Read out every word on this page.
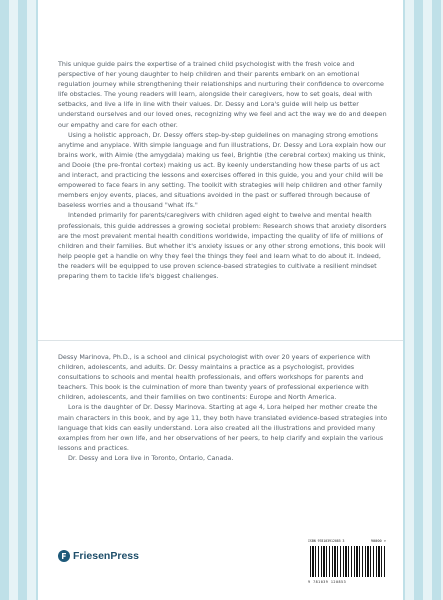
This unique guide pairs the expertise of a trained child psychologist with the fresh voice and perspective of her young daughter to help children and their parents embark on an emotional regulation journey while strengthening their relationships and nurturing their confidence to overcome life obstacles. The young readers will learn, alongside their caregivers, how to set goals, deal with setbacks, and live a life in line with their values. Dr. Dessy and Lora's guide will help us better understand ourselves and our loved ones, recognizing why we feel and act the way we do and deepen our empathy and care for each other.

Using a holistic approach, Dr. Dessy offers step-by-step guidelines on managing strong emotions anytime and anyplace. With simple language and fun illustrations, Dr. Dessy and Lora explain how our brains work, with Aimie (the amygdala) making us feel, Brightie (the cerebral cortex) making us think, and Dooie (the pre-frontal cortex) making us act. By keenly understanding how these parts of us act and interact, and practicing the lessons and exercises offered in this guide, you and your child will be empowered to face fears in any setting. The toolkit with strategies will help children and other family members enjoy events, places, and situations avoided in the past or suffered through because of baseless worries and a thousand "what ifs."

Intended primarily for parents/caregivers with children aged eight to twelve and mental health professionals, this guide addresses a growing societal problem: Research shows that anxiety disorders are the most prevalent mental health conditions worldwide, impacting the quality of life of millions of children and their families. But whether it's anxiety issues or any other strong emotions, this book will help people get a handle on why they feel the things they feel and learn what to do about it. Indeed, the readers will be equipped to use proven science-based strategies to cultivate a resilient mindset preparing them to tackle life's biggest challenges.

Dessy Marinova, Ph.D., is a school and clinical psychologist with over 20 years of experience with children, adolescents, and adults. Dr. Dessy maintains a practice as a psychologist, provides consultations to schools and mental health professionals, and offers workshops for parents and teachers. This book is the culmination of more than twenty years of professional experience with children, adolescents, and their families on two continents: Europe and North America.

Lora is the daughter of Dr. Dessy Marinova. Starting at age 4, Lora helped her mother create the main characters in this book, and by age 11, they both have translated evidence-based strategies into language that kids can easily understand. Lora also created all the illustrations and provided many examples from her own life, and her observations of her peers, to help clarify and explain the various lessons and practices.

Dr. Dessy and Lora live in Toronto, Ontario, Canada.

FriesenPress
ISBN 978103912085 3	90000 >
9 781039 120853
